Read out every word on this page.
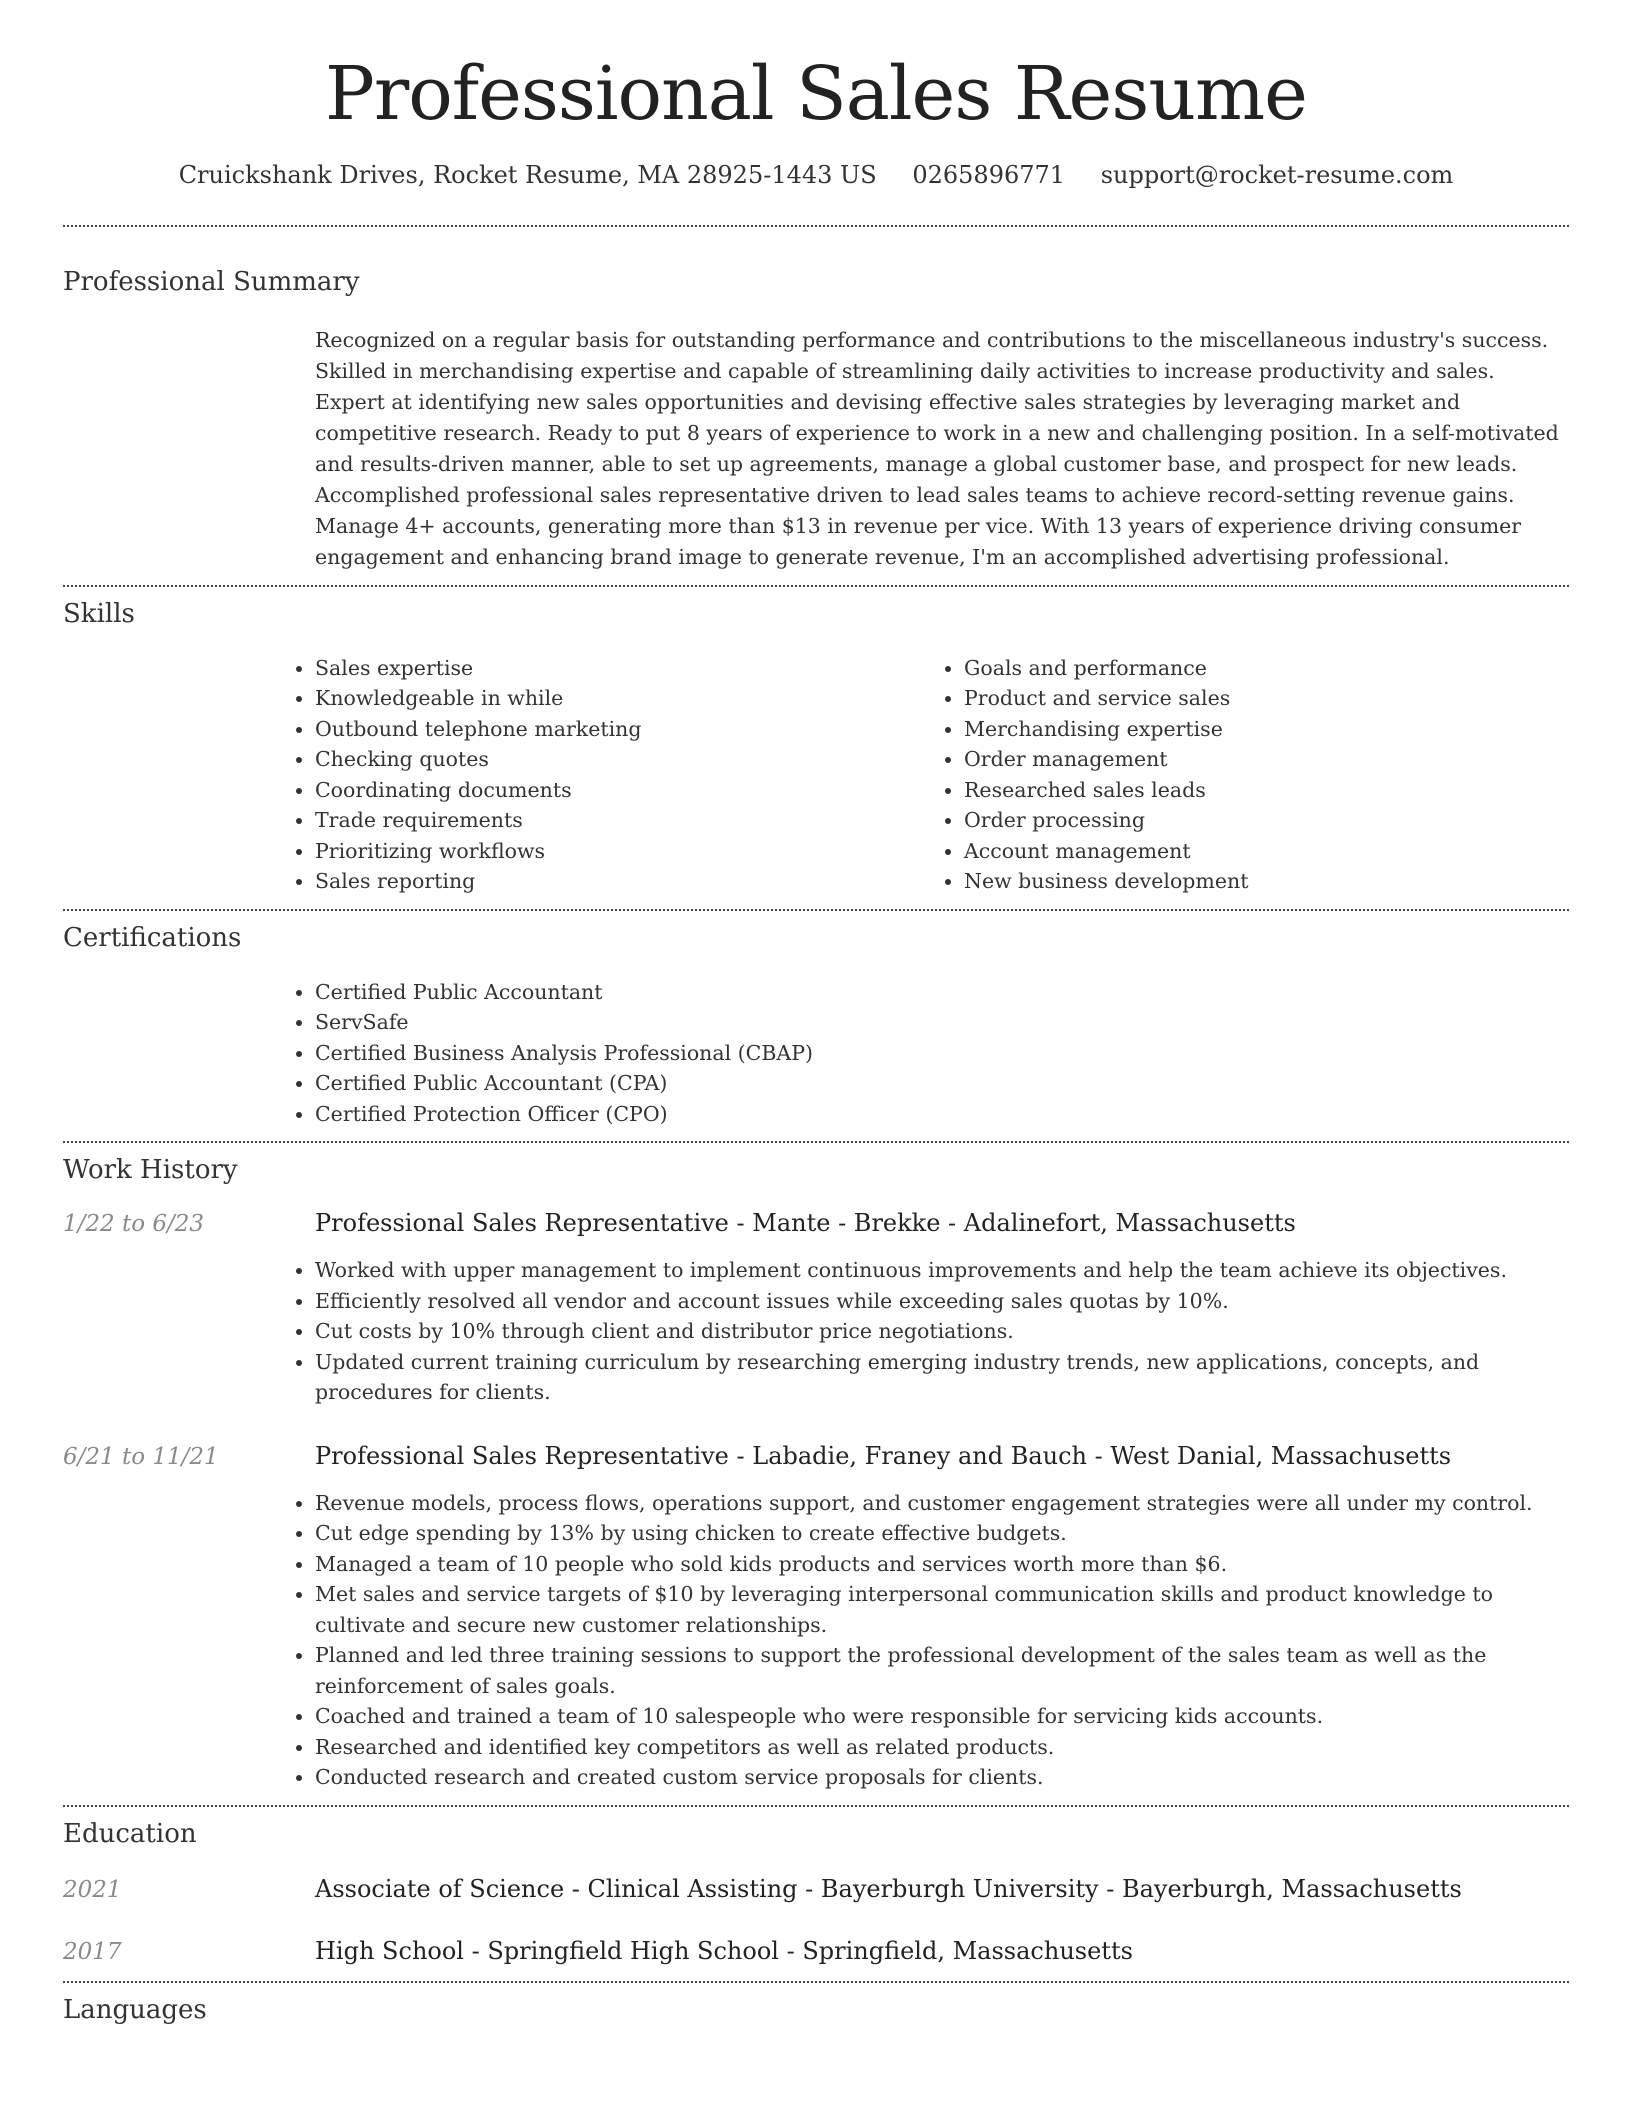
Professional Sales Resume
Cruickshank Drives, Rocket Resume, MA 28925-1443 US 0265896771 support@rocket-resume.com
Professional Summary
Recognized on a regular basis for outstanding performance and contributions to the miscellaneous industry's success. Skilled in merchandising expertise and capable of streamlining daily activities to increase productivity and sales. Expert at identifying new sales opportunities and devising effective sales strategies by leveraging market and competitive research. Ready to put 8 years of experience to work in a new and challenging position. In a self-motivated and results-driven manner, able to set up agreements, manage a global customer base, and prospect for new leads. Accomplished professional sales representative driven to lead sales teams to achieve record-setting revenue gains. Manage 4+ accounts, generating more than $13 in revenue per vice. With 13 years of experience driving consumer engagement and enhancing brand image to generate revenue, I'm an accomplished advertising professional.
Skills
• Sales expertise
• Knowledgeable in while
• Outbound telephone marketing
• Checking quotes
• Coordinating documents
• Trade requirements
• Prioritizing workflows
• Sales reporting
• Goals and performance
• Product and service sales
• Merchandising expertise
• Order management
• Researched sales leads
• Order processing
• Account management
• New business development
Certifications
• Certified Public Accountant
• ServSafe
• Certified Business Analysis Professional (CBAP)
• Certified Public Accountant (CPA)
• Certified Protection Officer (CPO)
Work History
1/22 to 6/23	Professional Sales Representative - Mante - Brekke - Adalinefort, Massachusetts
• Worked with upper management to implement continuous improvements and help the team achieve its objectives.
• Efficiently resolved all vendor and account issues while exceeding sales quotas by 10%.
• Cut costs by 10% through client and distributor price negotiations.
• Updated current training curriculum by researching emerging industry trends, new applications, concepts, and procedures for clients.
6/21 to 11/21	Professional Sales Representative - Labadie, Franey and Bauch - West Danial, Massachusetts
• Revenue models, process flows, operations support, and customer engagement strategies were all under my control.
• Cut edge spending by 13% by using chicken to create effective budgets.
• Managed a team of 10 people who sold kids products and services worth more than $6.
• Met sales and service targets of $10 by leveraging interpersonal communication skills and product knowledge to cultivate and secure new customer relationships.
• Planned and led three training sessions to support the professional development of the sales team as well as the reinforcement of sales goals.
• Coached and trained a team of 10 salespeople who were responsible for servicing kids accounts.
• Researched and identified key competitors as well as related products.
• Conducted research and created custom service proposals for clients.
Education
2021	Associate of Science - Clinical Assisting - Bayerburgh University - Bayerburgh, Massachusetts
2017	High School - Springfield High School - Springfield, Massachusetts
Languages
